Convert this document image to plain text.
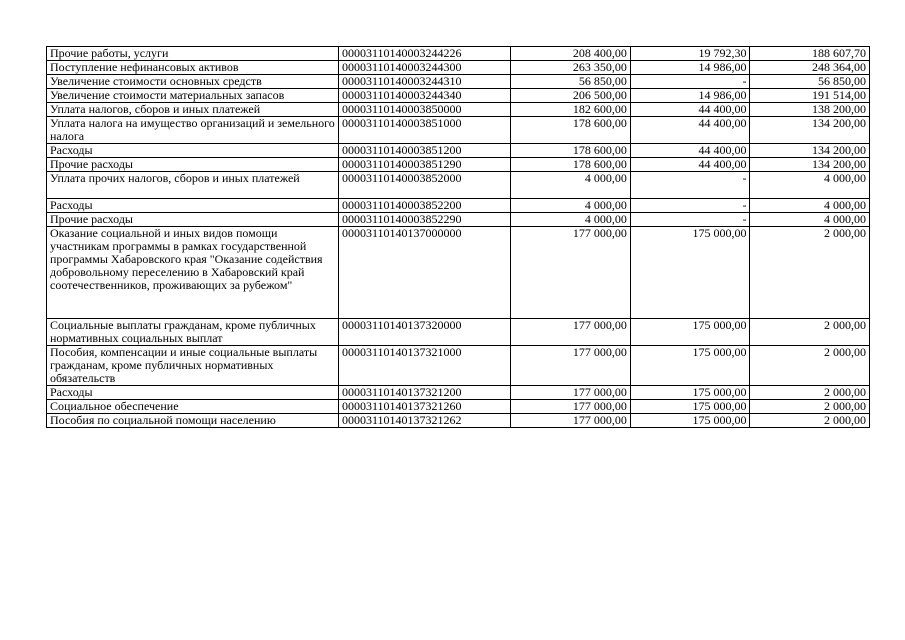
Прочие работы, услуги	00003110140003244226	208 400,00	19 792,30	188 607,70
Поступление нефинансовых активов	00003110140003244300	263 350,00	14 986,00	248 364,00
Увеличение стоимости основных средств	00003110140003244310	56 850,00	-	56 850,00
Увеличение стоимости материальных запасов	00003110140003244340	206 500,00	14 986,00	191 514,00
Уплата налогов, сборов и иных платежей	00003110140003850000	182 600,00	44 400,00	138 200,00
Уплата налога на имущество организаций и земельного налога	00003110140003851000	178 600,00	44 400,00	134 200,00
Расходы	00003110140003851200	178 600,00	44 400,00	134 200,00
Прочие расходы	00003110140003851290	178 600,00	44 400,00	134 200,00
Уплата прочих налогов, сборов и иных платежей	00003110140003852000	4 000,00	-	4 000,00
Расходы	00003110140003852200	4 000,00	-	4 000,00
Прочие расходы	00003110140003852290	4 000,00	-	4 000,00
Оказание социальной и иных видов помощи участникам программы в рамках государственной программы Хабаровского края "Оказание содействия добровольному переселению в Хабаровский край соотечественников, проживающих за рубежом"	00003110140137000000	177 000,00	175 000,00	2 000,00
Социальные выплаты гражданам, кроме публичных нормативных социальных выплат	00003110140137320000	177 000,00	175 000,00	2 000,00
Пособия, компенсации и иные социальные выплаты гражданам, кроме публичных нормативных обязательств	00003110140137321000	177 000,00	175 000,00	2 000,00
Расходы	00003110140137321200	177 000,00	175 000,00	2 000,00
Социальное обеспечение	00003110140137321260	177 000,00	175 000,00	2 000,00
Пособия по социальной помощи населению	00003110140137321262	177 000,00	175 000,00	2 000,00
